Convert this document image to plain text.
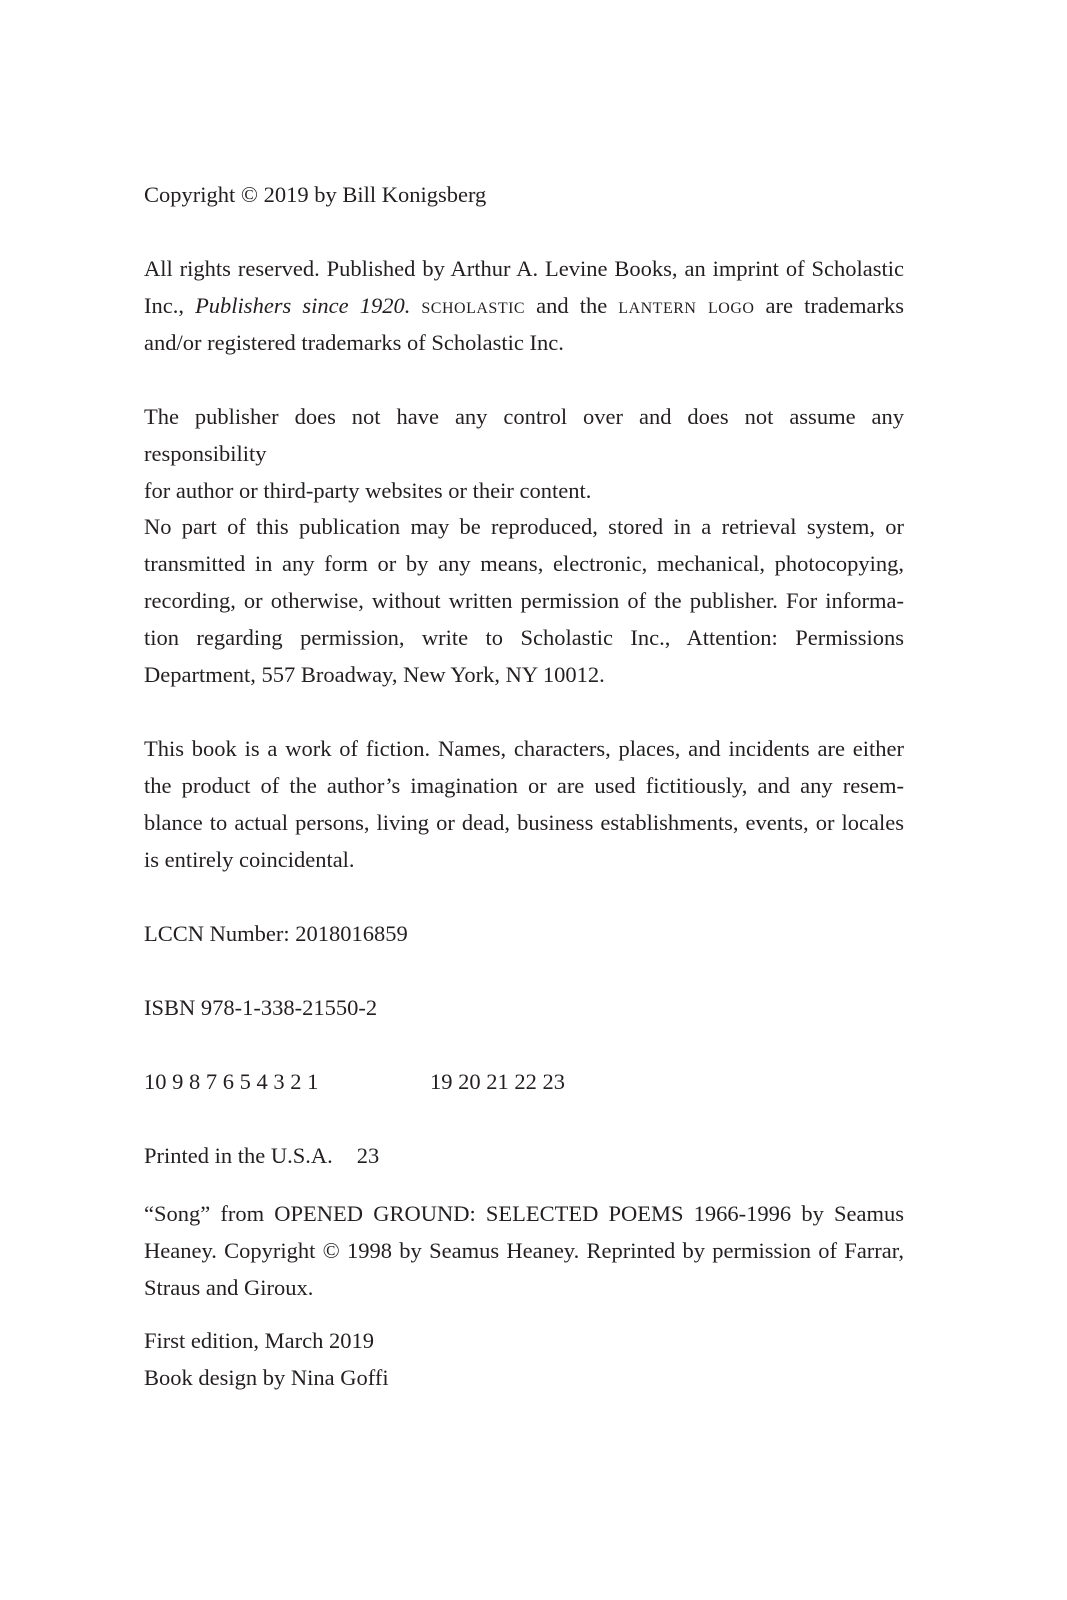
Copyright © 2019 by Bill Konigsberg

All rights reserved. Published by Arthur A. Levine Books, an imprint of Scholastic
Inc., Publishers since 1920. scholastic and the lantern logo are trademarks
and/or registered trademarks of Scholastic Inc.

The publisher does not have any control over and does not assume any responsibility
for author or third-party websites or their content.

No part of this publication may be reproduced, stored in a retrieval system, or
transmitted in any form or by any means, electronic, mechanical, photocopying,
recording, or otherwise, without written permission of the publisher. For informa-
tion regarding permission, write to Scholastic Inc., Attention: Permissions
Department, 557 Broadway, New York, NY 10012.

This book is a work of fiction. Names, characters, places, and incidents are either
the product of the author’s imagination or are used fictitiously, and any resem-
blance to actual persons, living or dead, business establishments, events, or locales
is entirely coincidental.

LCCN Number: 2018016859

ISBN 978-1-338-21550-2

10 9 8 7 6 5 4 3 2 1	19 20 21 22 23

Printed in the U.S.A. 23

“Song” from OPENED GROUND: SELECTED POEMS 1966-1996 by Seamus
Heaney. Copyright © 1998 by Seamus Heaney. Reprinted by permission of Farrar,
Straus and Giroux.

First edition, March 2019
Book design by Nina Goffi
